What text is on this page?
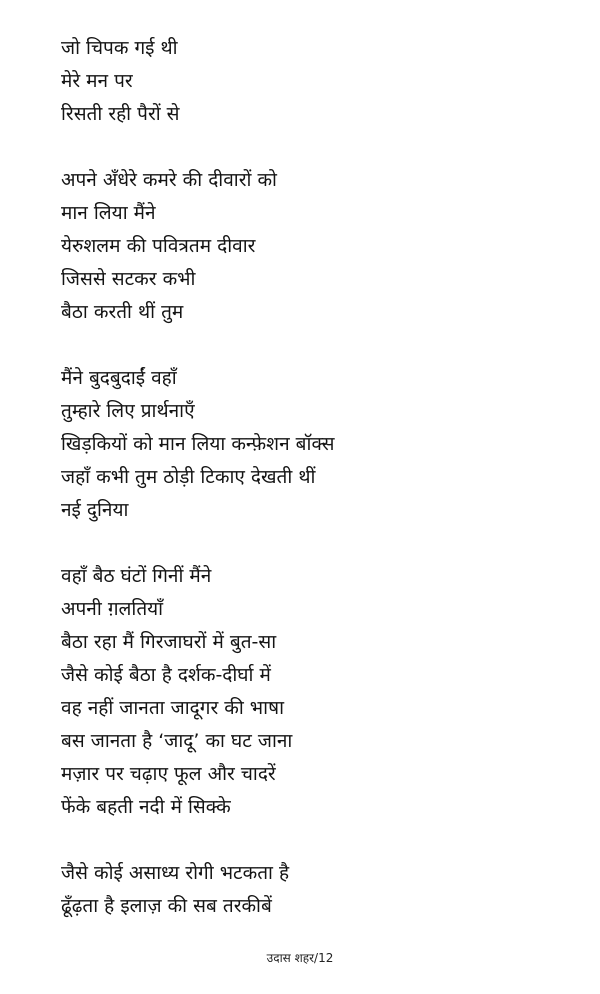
जो चिपक गई थी
मेरे मन पर
रिसती रही पैरों से
अपने अँधेरे कमरे की दीवारों को
मान लिया मैंने
येरुशलम की पवित्रतम दीवार
जिससे सटकर कभी
बैठा करती थीं तुम
मैंने बुदबुदाईं वहाँ
तुम्हारे लिए प्रार्थनाएँ
खिड़कियों को मान लिया कन्फ़ेशन बॉक्स
जहाँ कभी तुम ठोड़ी टिकाए देखती थीं
नई दुनिया
वहाँ बैठ घंटों गिनीं मैंने
अपनी ग़लतियाँ
बैठा रहा मैं गिरजाघरों में बुत-सा
जैसे कोई बैठा है दर्शक-दीर्घा में
वह नहीं जानता जादूगर की भाषा
बस जानता है ‘जादू’ का घट जाना
मज़ार पर चढ़ाए फूल और चादरें
फेंके बहती नदी में सिक्के
जैसे कोई असाध्य रोगी भटकता है
ढूँढ़ता है इलाज़ की सब तरकीबें
उदास शहर/12
